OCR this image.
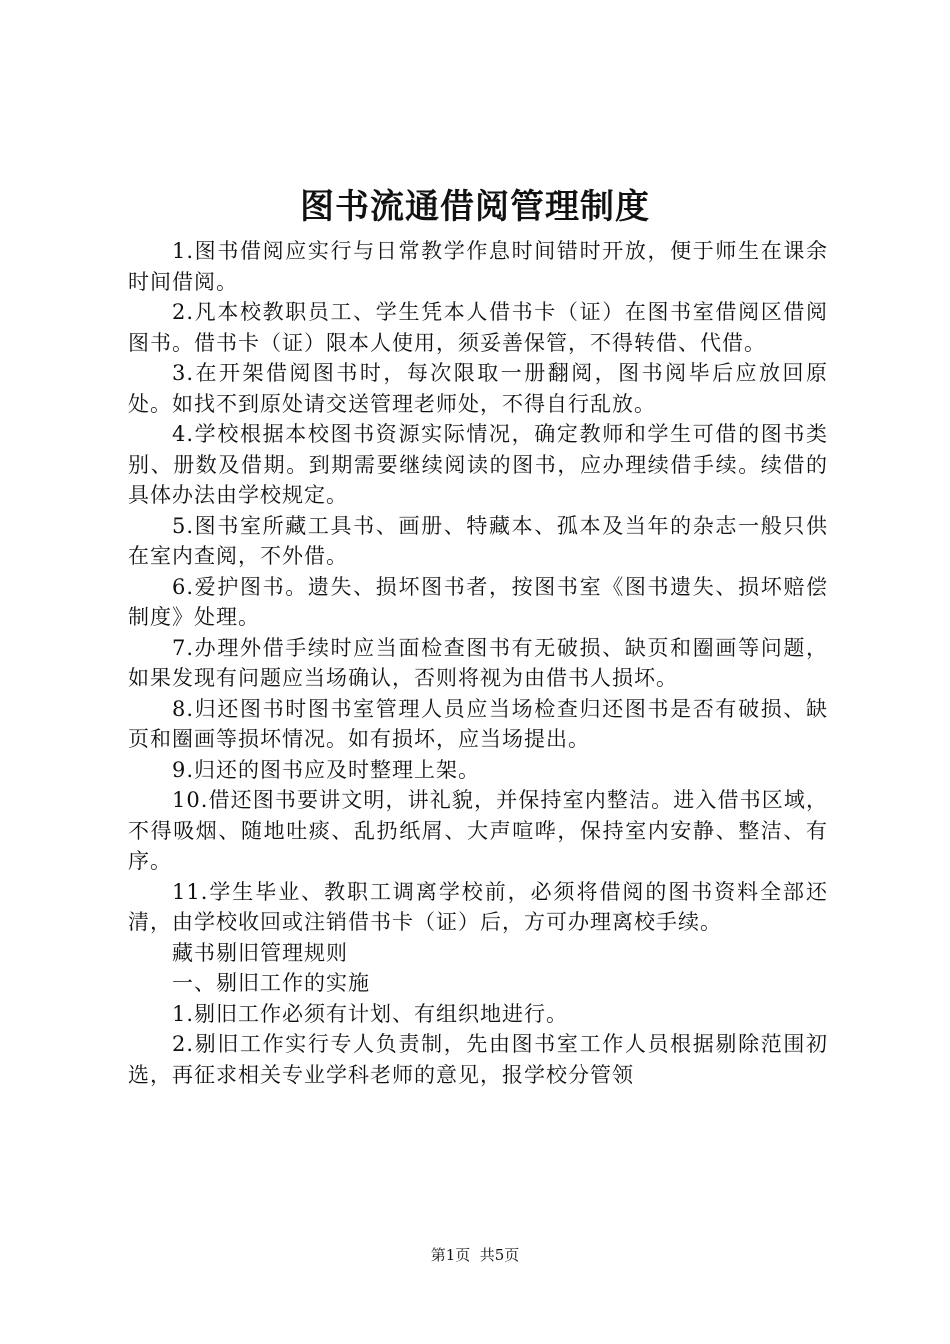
图书流通借阅管理制度

1.图书借阅应实行与日常教学作息时间错时开放，便于师生在课余时间借阅。

2.凡本校教职员工、学生凭本人借书卡（证）在图书室借阅区借阅图书。借书卡（证）限本人使用，须妥善保管，不得转借、代借。

3.在开架借阅图书时，每次限取一册翻阅，图书阅毕后应放回原处。如找不到原处请交送管理老师处，不得自行乱放。

4.学校根据本校图书资源实际情况，确定教师和学生可借的图书类别、册数及借期。到期需要继续阅读的图书，应办理续借手续。续借的具体办法由学校规定。

5.图书室所藏工具书、画册、特藏本、孤本及当年的杂志一般只供在室内查阅，不外借。

6.爱护图书。遗失、损坏图书者，按图书室《图书遗失、损坏赔偿制度》处理。

7.办理外借手续时应当面检查图书有无破损、缺页和圈画等问题，如果发现有问题应当场确认，否则将视为由借书人损坏。

8.归还图书时图书室管理人员应当场检查归还图书是否有破损、缺页和圈画等损坏情况。如有损坏，应当场提出。

9.归还的图书应及时整理上架。

10.借还图书要讲文明，讲礼貌，并保持室内整洁。进入借书区域，不得吸烟、随地吐痰、乱扔纸屑、大声喧哗，保持室内安静、整洁、有序。

11.学生毕业、教职工调离学校前，必须将借阅的图书资料全部还清，由学校收回或注销借书卡（证）后，方可办理离校手续。

藏书剔旧管理规则

一、剔旧工作的实施

1.剔旧工作必须有计划、有组织地进行。

2.剔旧工作实行专人负责制，先由图书室工作人员根据剔除范围初选，再征求相关专业学科老师的意见，报学校分管领

第1页  共5页
